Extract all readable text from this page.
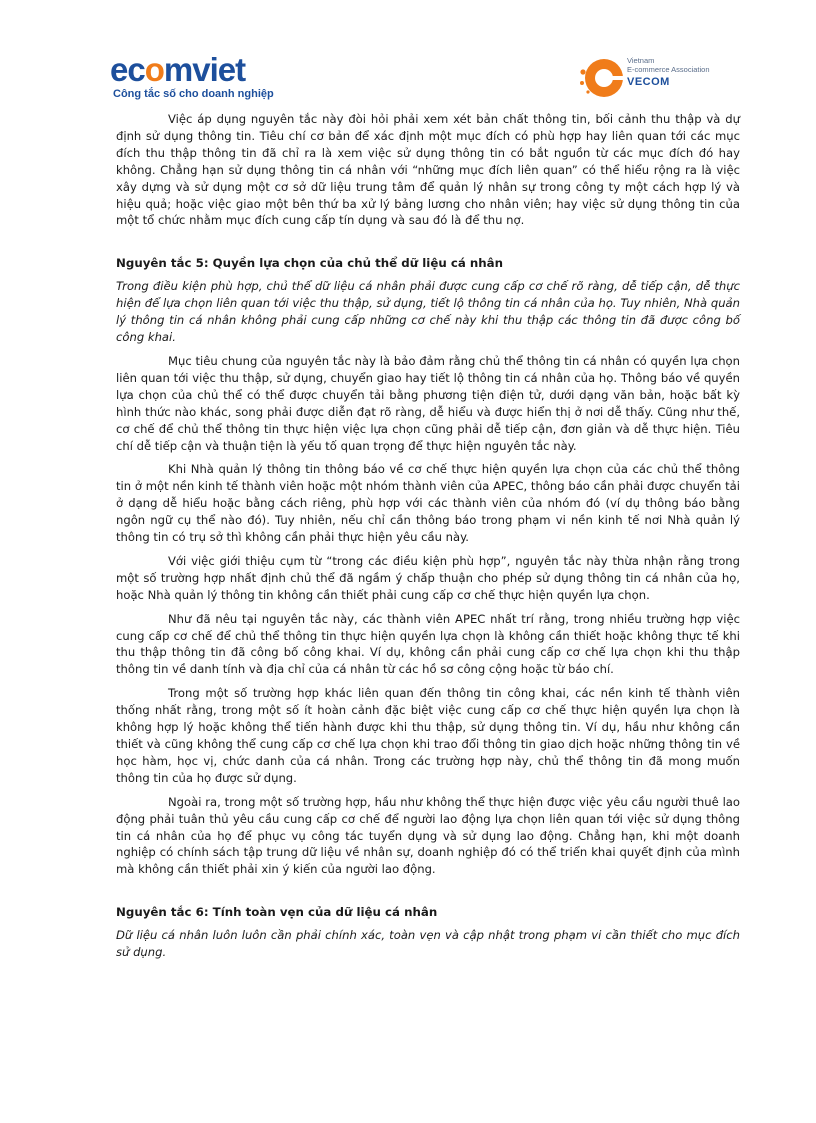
ecomviet
Công tắc số cho doanh nghiệp
Vietnam
E-commerce Association
VECOM

Việc áp dụng nguyên tắc này đòi hỏi phải xem xét bản chất thông tin, bối cảnh thu thập và dự định sử dụng thông tin. Tiêu chí cơ bản để xác định một mục đích có phù hợp hay liên quan tới các mục đích thu thập thông tin đã chỉ ra là xem việc sử dụng thông tin có bắt nguồn từ các mục đích đó hay không. Chẳng hạn sử dụng thông tin cá nhân với “những mục đích liên quan” có thể hiểu rộng ra là việc xây dựng và sử dụng một cơ sở dữ liệu trung tâm để quản lý nhân sự trong công ty một cách hợp lý và hiệu quả; hoặc việc giao một bên thứ ba xử lý bảng lương cho nhân viên; hay việc sử dụng thông tin của một tổ chức nhằm mục đích cung cấp tín dụng và sau đó là để thu nợ.

Nguyên tắc 5: Quyền lựa chọn của chủ thể dữ liệu cá nhân

Trong điều kiện phù hợp, chủ thể dữ liệu cá nhân phải được cung cấp cơ chế rõ ràng, dễ tiếp cận, dễ thực hiện để lựa chọn liên quan tới việc thu thập, sử dụng, tiết lộ thông tin cá nhân của họ. Tuy nhiên, Nhà quản lý thông tin cá nhân không phải cung cấp những cơ chế này khi thu thập các thông tin đã được công bố công khai.

Mục tiêu chung của nguyên tắc này là bảo đảm rằng chủ thể thông tin cá nhân có quyền lựa chọn liên quan tới việc thu thập, sử dụng, chuyển giao hay tiết lộ thông tin cá nhân của họ. Thông báo về quyền lựa chọn của chủ thể có thể được chuyển tải bằng phương tiện điện tử, dưới dạng văn bản, hoặc bất kỳ hình thức nào khác, song phải được diễn đạt rõ ràng, dễ hiểu và được hiển thị ở nơi dễ thấy. Cũng như thế, cơ chế để chủ thể thông tin thực hiện việc lựa chọn cũng phải dễ tiếp cận, đơn giản và dễ thực hiện. Tiêu chí dễ tiếp cận và thuận tiện là yếu tố quan trọng để thực hiện nguyên tắc này.

Khi Nhà quản lý thông tin thông báo về cơ chế thực hiện quyền lựa chọn của các chủ thể thông tin ở một nền kinh tế thành viên hoặc một nhóm thành viên của APEC, thông báo cần phải được chuyển tải ở dạng dễ hiểu hoặc bằng cách riêng, phù hợp với các thành viên của nhóm đó (ví dụ thông báo bằng ngôn ngữ cụ thể nào đó). Tuy nhiên, nếu chỉ cần thông báo trong phạm vi nền kinh tế nơi Nhà quản lý thông tin có trụ sở thì không cần phải thực hiện yêu cầu này.

Với việc giới thiệu cụm từ “trong các điều kiện phù hợp”, nguyên tắc này thừa nhận rằng trong một số trường hợp nhất định chủ thể đã ngầm ý chấp thuận cho phép sử dụng thông tin cá nhân của họ, hoặc Nhà quản lý thông tin không cần thiết phải cung cấp cơ chế thực hiện quyền lựa chọn.

Như đã nêu tại nguyên tắc này, các thành viên APEC nhất trí rằng, trong nhiều trường hợp việc cung cấp cơ chế để chủ thể thông tin thực hiện quyền lựa chọn là không cần thiết hoặc không thực tế khi thu thập thông tin đã công bố công khai. Ví dụ, không cần phải cung cấp cơ chế lựa chọn khi thu thập thông tin về danh tính và địa chỉ của cá nhân từ các hồ sơ công cộng hoặc từ báo chí.

Trong một số trường hợp khác liên quan đến thông tin công khai, các nền kinh tế thành viên thống nhất rằng, trong một số ít hoàn cảnh đặc biệt việc cung cấp cơ chế thực hiện quyền lựa chọn là không hợp lý hoặc không thể tiến hành được khi thu thập, sử dụng thông tin. Ví dụ, hầu như không cần thiết và cũng không thể cung cấp cơ chế lựa chọn khi trao đổi thông tin giao dịch hoặc những thông tin về học hàm, học vị, chức danh của cá nhân. Trong các trường hợp này, chủ thể thông tin đã mong muốn thông tin của họ được sử dụng.

Ngoài ra, trong một số trường hợp, hầu như không thể thực hiện được việc yêu cầu người thuê lao động phải tuân thủ yêu cầu cung cấp cơ chế để người lao động lựa chọn liên quan tới việc sử dụng thông tin cá nhân của họ để phục vụ công tác tuyển dụng và sử dụng lao động. Chẳng hạn, khi một doanh nghiệp có chính sách tập trung dữ liệu về nhân sự, doanh nghiệp đó có thể triển khai quyết định của mình mà không cần thiết phải xin ý kiến của người lao động.

Nguyên tắc 6: Tính toàn vẹn của dữ liệu cá nhân

Dữ liệu cá nhân luôn luôn cần phải chính xác, toàn vẹn và cập nhật trong phạm vi cần thiết cho mục đích sử dụng.
